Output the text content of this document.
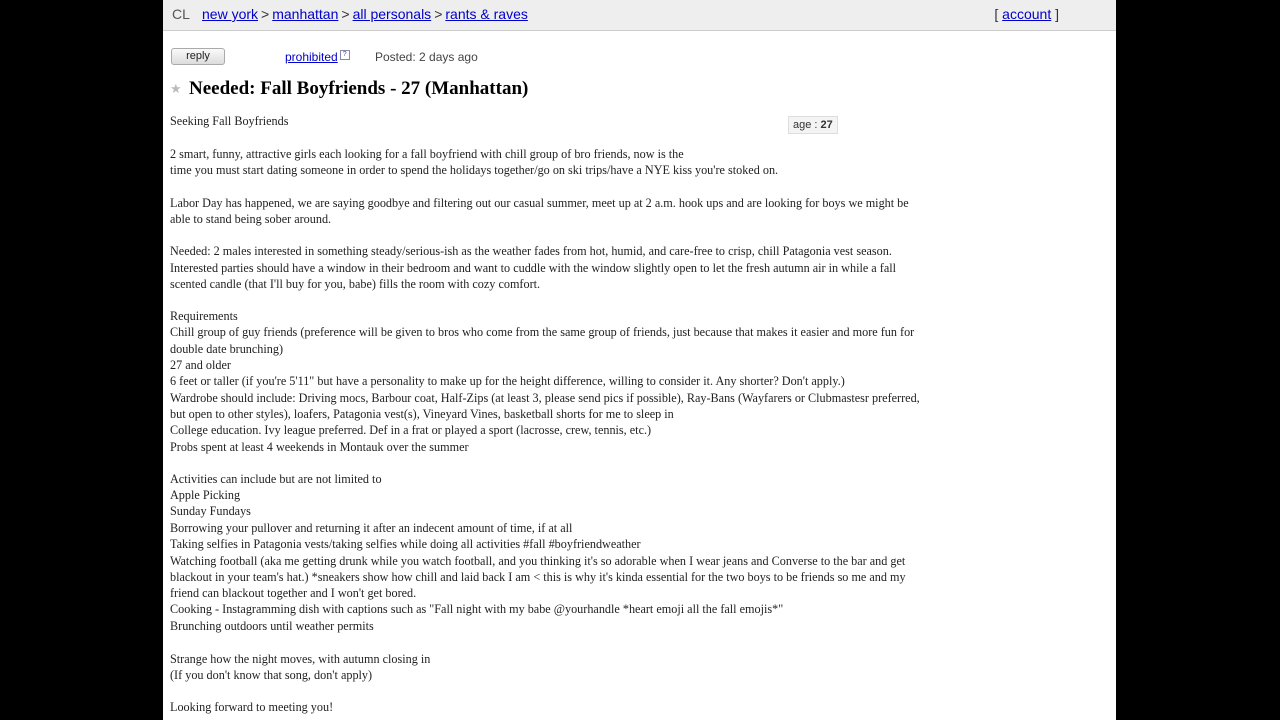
CL new york > manhattan > all personals > rants & raves	[ account ]
reply	prohibited ? Posted: 2 days ago
★ Needed: Fall Boyfriends - 27 (Manhattan)
age : 27
Seeking Fall Boyfriends
2 smart, funny, attractive girls each looking for a fall boyfriend with chill group of bro friends, now is the
time you must start dating someone in order to spend the holidays together/go on ski trips/have a NYE kiss you're stoked on.
Labor Day has happened, we are saying goodbye and filtering out our casual summer, meet up at 2 a.m. hook ups and are looking for boys we might be
able to stand being sober around.
Needed: 2 males interested in something steady/serious-ish as the weather fades from hot, humid, and care-free to crisp, chill Patagonia vest season.
Interested parties should have a window in their bedroom and want to cuddle with the window slightly open to let the fresh autumn air in while a fall
scented candle (that I'll buy for you, babe) fills the room with cozy comfort.
Requirements
Chill group of guy friends (preference will be given to bros who come from the same group of friends, just because that makes it easier and more fun for
double date brunching)
27 and older
6 feet or taller (if you're 5'11" but have a personality to make up for the height difference, willing to consider it. Any shorter? Don't apply.)
Wardrobe should include: Driving mocs, Barbour coat, Half-Zips (at least 3, please send pics if possible), Ray-Bans (Wayfarers or Clubmastesr preferred,
but open to other styles), loafers, Patagonia vest(s), Vineyard Vines, basketball shorts for me to sleep in
College education. Ivy league preferred. Def in a frat or played a sport (lacrosse, crew, tennis, etc.)
Probs spent at least 4 weekends in Montauk over the summer
Activities can include but are not limited to
Apple Picking
Sunday Fundays
Borrowing your pullover and returning it after an indecent amount of time, if at all
Taking selfies in Patagonia vests/taking selfies while doing all activities #fall #boyfriendweather
Watching football (aka me getting drunk while you watch football, and you thinking it's so adorable when I wear jeans and Converse to the bar and get
blackout in your team's hat.) *sneakers show how chill and laid back I am < this is why it's kinda essential for the two boys to be friends so me and my
friend can blackout together and I won't get bored.
Cooking - Instagramming dish with captions such as "Fall night with my babe @yourhandle *heart emoji all the fall emojis*"
Brunching outdoors until weather permits
Strange how the night moves, with autumn closing in
(If you don't know that song, don't apply)
Looking forward to meeting you!
